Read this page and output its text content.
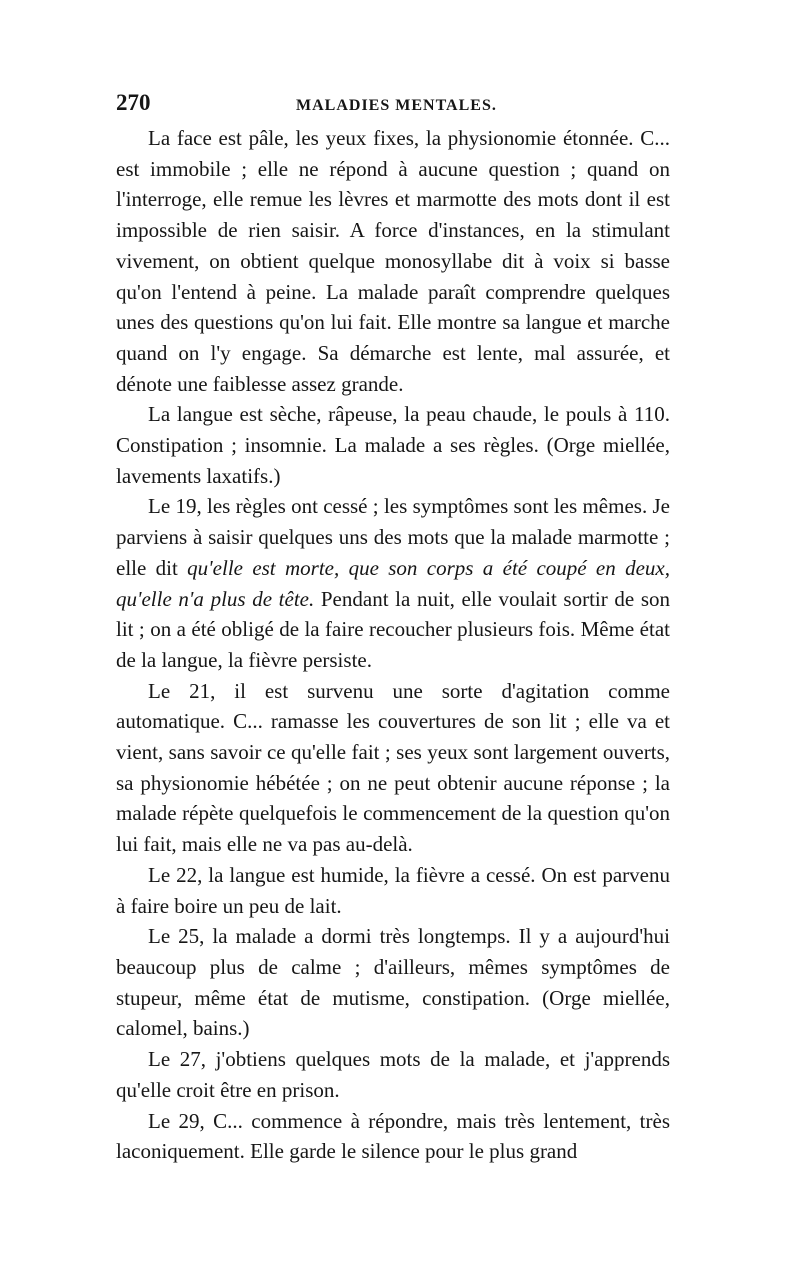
270	MALADIES MENTALES.

La face est pâle, les yeux fixes, la physionomie étonnée. C... est immobile ; elle ne répond à aucune question ; quand on l'interroge, elle remue les lèvres et marmotte des mots dont il est impossible de rien saisir. A force d'instances, en la stimulant vivement, on obtient quelque monosyllabe dit à voix si basse qu'on l'entend à peine. La malade paraît comprendre quelques unes des questions qu'on lui fait. Elle montre sa langue et marche quand on l'y engage. Sa démarche est lente, mal assurée, et dénote une faiblesse assez grande.

La langue est sèche, râpeuse, la peau chaude, le pouls à 110. Constipation ; insomnie. La malade a ses règles. (Orge miellée, lavements laxatifs.)

Le 19, les règles ont cessé ; les symptômes sont les mêmes. Je parviens à saisir quelques uns des mots que la malade marmotte ; elle dit qu'elle est morte, que son corps a été coupé en deux, qu'elle n'a plus de tête. Pendant la nuit, elle voulait sortir de son lit ; on a été obligé de la faire recoucher plusieurs fois. Même état de la langue, la fièvre persiste.

Le 21, il est survenu une sorte d'agitation comme automatique. C... ramasse les couvertures de son lit ; elle va et vient, sans savoir ce qu'elle fait ; ses yeux sont largement ouverts, sa physionomie hébétée ; on ne peut obtenir aucune réponse ; la malade répète quelquefois le commencement de la question qu'on lui fait, mais elle ne va pas au-delà.

Le 22, la langue est humide, la fièvre a cessé. On est parvenu à faire boire un peu de lait.

Le 25, la malade a dormi très longtemps. Il y a aujourd'hui beaucoup plus de calme ; d'ailleurs, mêmes symptômes de stupeur, même état de mutisme, constipation. (Orge miellée, calomel, bains.)

Le 27, j'obtiens quelques mots de la malade, et j'apprends qu'elle croit être en prison.

Le 29, C... commence à répondre, mais très lentement, très laconiquement. Elle garde le silence pour le plus grand
